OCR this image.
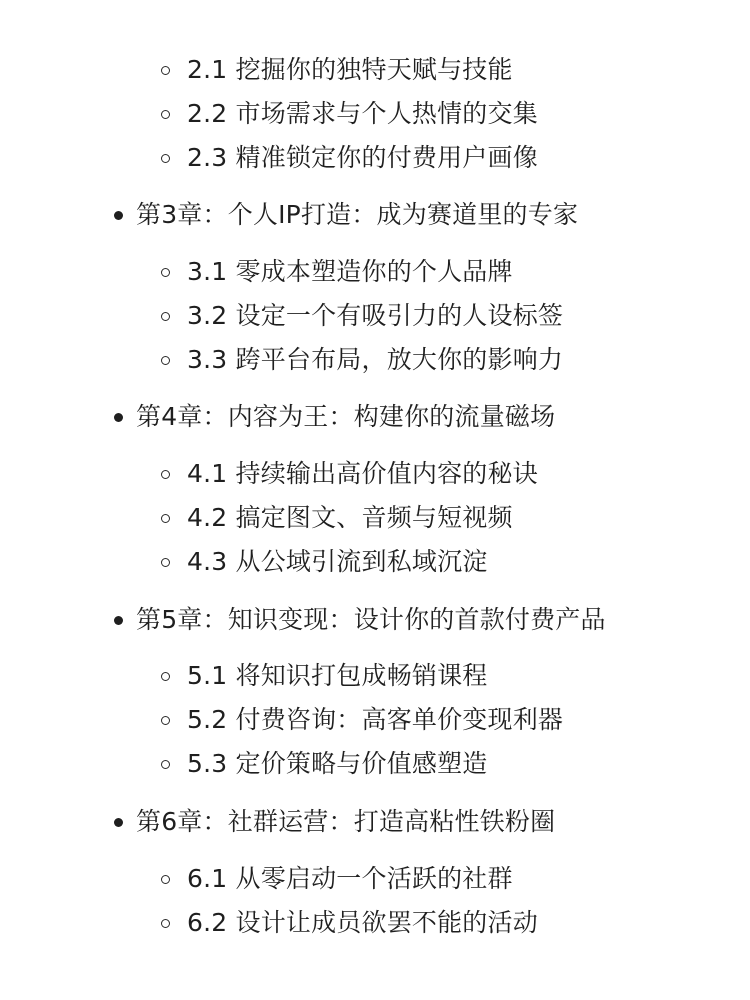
2.1 挖掘你的独特天赋与技能
2.2 市场需求与个人热情的交集
2.3 精准锁定你的付费用户画像
第3章：个人IP打造：成为赛道里的专家
3.1 零成本塑造你的个人品牌
3.2 设定一个有吸引力的人设标签
3.3 跨平台布局，放大你的影响力
第4章：内容为王：构建你的流量磁场
4.1 持续输出高价值内容的秘诀
4.2 搞定图文、音频与短视频
4.3 从公域引流到私域沉淀
第5章：知识变现：设计你的首款付费产品
5.1 将知识打包成畅销课程
5.2 付费咨询：高客单价变现利器
5.3 定价策略与价值感塑造
第6章：社群运营：打造高粘性铁粉圈
6.1 从零启动一个活跃的社群
6.2 设计让成员欲罢不能的活动
